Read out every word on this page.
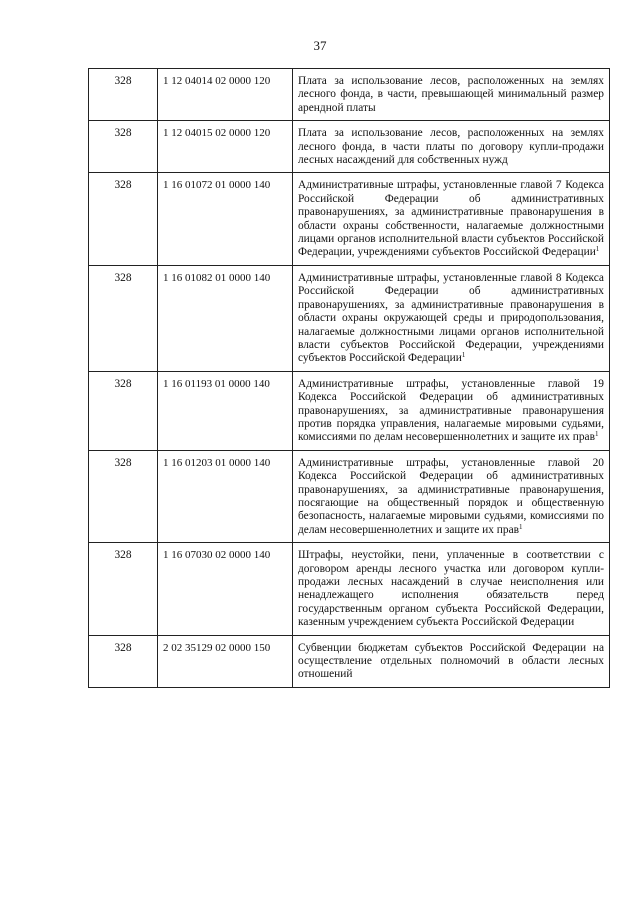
37
328	1 12 04014 02 0000 120	Плата за использование лесов, расположенных на землях лесного фонда, в части, превышающей минимальный размер арендной платы
328	1 12 04015 02 0000 120	Плата за использование лесов, расположенных на землях лесного фонда, в части платы по договору купли-продажи лесных насаждений для собственных нужд
328	1 16 01072 01 0000 140	Административные штрафы, установленные главой 7 Кодекса Российской Федерации об административных правонарушениях, за административные правонарушения в области охраны собственности, налагаемые должностными лицами органов исполнительной власти субъектов Российской Федерации, учреждениями субъектов Российской Федерации$^1$
328	1 16 01082 01 0000 140	Административные штрафы, установленные главой 8 Кодекса Российской Федерации об административных правонарушениях, за административные правонарушения в области охраны окружающей среды и природопользования, налагаемые должностными лицами органов исполнительной власти субъектов Российской Федерации, учреждениями субъектов Российской Федерации$^1$
328	1 16 01193 01 0000 140	Административные штрафы, установленные главой 19 Кодекса Российской Федерации об административных правонарушениях, за административные правонарушения против порядка управления, налагаемые мировыми судьями, комиссиями по делам несовершеннолетних и защите их прав$^1$
328	1 16 01203 01 0000 140	Административные штрафы, установленные главой 20 Кодекса Российской Федерации об административных правонарушениях, за административные правонарушения, посягающие на общественный порядок и общественную безопасность, налагаемые мировыми судьями, комиссиями по делам несовершеннолетних и защите их прав$^1$
328	1 16 07030 02 0000 140	Штрафы, неустойки, пени, уплаченные в соответствии с договором аренды лесного участка или договором купли-продажи лесных насаждений в случае неисполнения или ненадлежащего исполнения обязательств перед государственным органом субъекта Российской Федерации, казенным учреждением субъекта Российской Федерации
328	2 02 35129 02 0000 150	Субвенции бюджетам субъектов Российской Федерации на осуществление отдельных полномочий в области лесных отношений
